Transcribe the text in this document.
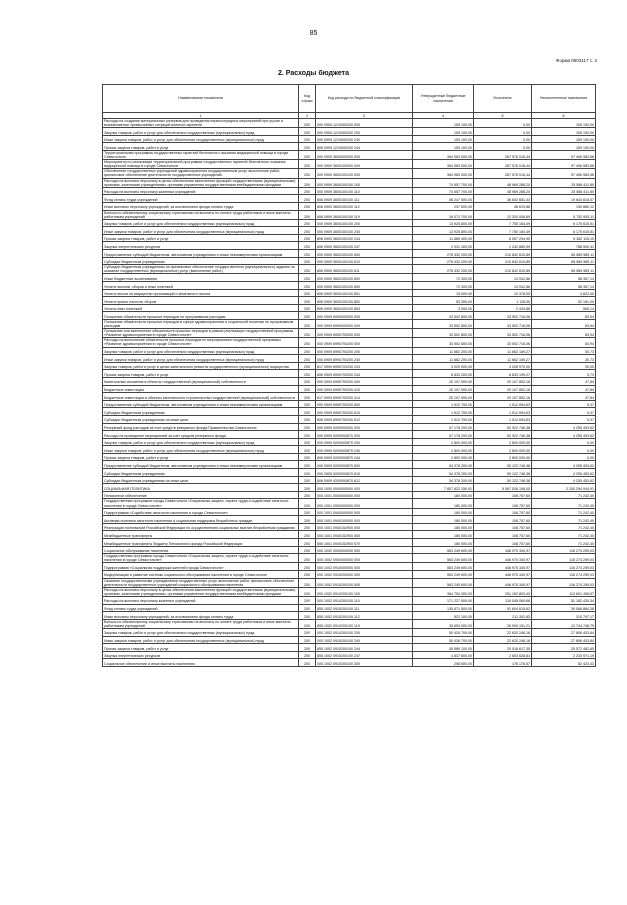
85
Форма 0503117 с. 2
2. Расходы бюджета
Наименование показателя	Код строки	Код расхода по бюджетной классификации	Утвержденные бюджетные назначения	Исполнено	Неисполненные назначения
1	2	3	4	5	6
Расходы на создание материальных резервов для проведения первоочередных мероприятий при угрозе и возникновении чрезвычайных ситуаций военного времени	200	000 0909 1210000200 000	159 100,00	0,00	159 100,00
Закупка товаров, работ и услуг для обеспечения государственных (муниципальных) нужд	200	000 0909 1210000200 200	159 100,00	0,00	159 100,00
Иные закупки товаров, работ и услуг для обеспечения государственных (муниципальных) нужд	200	000 0909 1210000200 240	159 100,00	0,00	159 100,00
Прочая закупка товаров, работ и услуг	200	806 0909 1210000200 244	159 100,00	0,00	159 100,00
Территориальная программа государственных гарантий бесплатного оказания медицинской помощи в городе Севастополе	200	000 0909 3600000000 000	364 983 000,00	267 576 016,44	97 406 983,56
Мероприятия по реализации территориальной программы государственных гарантий бесплатного оказания медицинской помощи в городе Севастополе	200	000 0909 3600100000 000	364 983 000,00	267 576 016,44	97 406 983,56
Обеспечение государственных учреждений здравоохранения государственным услуг, выполнение работ, финансовое обеспечение деятельности государственных учреждений	200	000 0909 3600100100 000	364 983 000,00	267 576 016,44	97 406 983,56
Расходы на выплаты персоналу в целях обеспечения выполнения функций государственными (муниципальными) органами, казенными учреждениями, органами управления государственными внебюджетными фондами	200	000 0909 3600100100 100	74 557 700,00	48 969 288,20	25 588 411,80
Расходы на выплаты персоналу казенных учреждений	200	000 0909 3600100100 110	74 557 700,00	48 969 288,20	25 588 411,80
Фонд оплаты труда учреждений	200	806 0909 3600100100 111	56 247 500,00	36 602 681,43	19 644 818,57
Иные выплаты персоналу учреждений, за исключением фонда оплаты труда	200	806 0909 3600100100 112	237 500,00	46 619,88	190 880,12
Взносы по обязательному социальному страхованию на выплаты по оплате труда работников и иные выплаты работникам учреждений	200	806 0909 3600100100 119	18 072 700,00	12 320 006,89	5 752 693,11
Закупка товаров, работ и услуг для обеспечения государственных (муниципальных) нужд	200	000 0909 3600100100 200	13 925 800,00	7 750 184,49	6 175 615,51
Иные закупки товаров, работ и услуг для обеспечения государственных (муниципальных) нужд	200	000 0909 3600100100 240	13 925 800,00	7 750 184,49	6 175 615,51
Прочая закупка товаров, работ и услуг	200	806 0909 3600100100 244	11 889 400,00	6 507 294,90	5 382 115,10
Закупка энергетических ресурсов	200	806 0909 3600100100 247	2 031 400,00	1 242 889,59	788 500,41
Предоставление субсидий бюджетным, автономным учреждениям и иным некоммерческим организациям	200	000 0909 3600100100 600	276 432 200,00	210 842 610,89	65 589 589,11
Субсидии бюджетным учреждениям	200	000 0909 3600100100 610	276 432 200,00	210 842 610,89	65 589 589,11
Субсидии бюджетным учреждениям на финансовое обеспечение государственного (муниципального) задания на оказание государственных (муниципальных) услуг (выполнение работ)	200	806 0909 3600100100 611	276 432 200,00	210 842 610,89	65 589 589,11
Иные бюджетные ассигнования	200	000 0909 3600100100 800	72 300,00	13 932,86	58 367,14
Уплата налогов, сборов и иных платежей	200	000 0909 3600100100 850	72 300,00	13 932,86	58 367,14
Уплата налога на имущество организаций и земельного налога	200	806 0909 3600100100 851	15 000,00	10 378,00	4 622,00
Уплата прочих налогов, сборов	200	806 0909 3600100100 852	53 300,00	1 118,00	52 181,00
Уплата иных платежей	200	806 0909 3600100100 853	3 000,00	2 434,86	565,14
Погашение обязательств прошлых периодов по программным расходам	200	000 0909 6900000000 000	33 502 800,00	33 502 716,06	83,94
Погашение обязательств прошлых периодов в сфере здравоохранения и социальной политики по программным расходам	200	000 0909 6990000000 000	33 502 800,00	33 502 716,06	83,94
Погашение или выполнение обязательств прошлых периодов в рамках реализации государственной программы «Развитие здравоохранения в городе Севастополе»	200	000 0909 6990700000 000	33 502 800,00	33 502 716,06	83,94
Расходы на выполнение обязательств прошлых периодов по мероприятиям государственной программы «Развитие здравоохранения в городе Севастополе»	200	000 0909 6990700200 000	33 502 800,00	33 502 716,06	83,94
Закупка товаров, работ и услуг для обеспечения государственных (муниципальных) нужд	200	000 0909 6990700200 200	11 662 200,00	11 662 169,27	30,73
Иные закупки товаров, работ и услуг для обеспечения государственных (муниципальных) нужд	200	000 0909 6990700200 240	11 662 200,00	11 662 169,27	30,73
Закупка товаров, работ и услуг в целях капитального ремонта государственного (муниципального) имущества	200	817 0909 6990700200 243	3 029 000,00	3 028 970,00	30,00
Прочая закупка товаров, работ и услуг	200	806 0909 6990700200 244	8 633 200,00	8 633 199,27	0,73
Капитальные вложения в объекты государственной (муниципальной) собственности	200	000 0909 6990700200 400	20 107 900,00	20 107 852,16	47,84
Бюджетные инвестиции	200	000 0909 6990700200 410	20 107 900,00	20 107 852,16	47,84
Бюджетные инвестиции в объекты капитального строительства государственной (муниципальной) собственности	200	817 0909 6990700200 414	20 107 900,00	20 107 852,16	47,84
Предоставление субсидий бюджетным, автономным учреждениям и иным некоммерческим организациям	200	000 0909 6990700200 600	1 512 700,00	1 512 694,63	5,37
Субсидии бюджетным учреждениям	200	000 0909 6990700200 610	1 512 700,00	1 512 694,63	5,37
Субсидии бюджетным учреждениям на иные цели	200	806 0909 6990700200 612	1 512 700,00	1 512 694,63	5,37
Резервный фонд расходов за счет средств резервного фонда Правительства Севастополя	200	000 0909 9200000000 000	57 178 200,00	52 922 746,38	4 255 453,62
Расходы на проведение мероприятий за счет средств резервного фонда	200	000 0909 9200000870 000	57 178 200,00	52 922 746,38	4 255 453,62
Закупка товаров, работ и услуг для обеспечения государственных (муниципальных) нужд	200	000 0909 9200000870 200	2 800 000,00	2 800 000,00	0,00
Иные закупки товаров, работ и услуг для обеспечения государственных (муниципальных) нужд	200	000 0909 9200000870 240	2 800 000,00	2 800 000,00	0,00
Прочая закупка товаров, работ и услуг	200	806 0909 9200000870 244	2 800 000,00	2 800 000,00	0,00
Предоставление субсидий бюджетным, автономным учреждениям и иным некоммерческим организациям	200	000 0909 9200000870 600	54 378 200,00	50 122 746,38	4 255 453,62
Субсидии бюджетным учреждениям	200	000 0909 9200000870 610	54 378 200,00	50 122 746,38	4 255 453,62
Субсидии бюджетным учреждениям на иные цели	200	806 0909 9200000870 612	54 378 200,00	50 122 746,38	4 255 453,62
СОЦИАЛЬНАЯ ПОЛИТИКА	200	000 1000 0000000000 000	7 807 822 150,91	5 557 528 106,00	2 250 294 044,91
Пенсионное обеспечение	200	000 1001 0000000000 000	180 000,00	108 757,60	71 242,40
Государственная программа города Севастополя «Социальная защита, охрана труда и содействие занятости населения в городе Севастополе»	200	000 1001 0900000000 000	180 000,00	108 757,60	71 242,40
Подпрограмма «Содействие занятости населения в городе Севастополе»	200	000 1001 0940000000 000	180 000,00	108 757,60	71 242,40
Активная политика занятости населения и социальная поддержка безработных граждан	200	000 1001 0940100000 000	180 000,00	108 757,60	71 242,40
Реализация полномочий Российской Федерации по осуществлению социальных выплат безработным гражданам	200	000 1001 0940152900 000	180 000,00	108 757,60	71 242,40
Межбюджетные трансферты	200	000 1001 0940152900 500	180 000,00	108 757,60	71 242,40
Межбюджетные трансферты бюджету Пенсионного фонда Российской Федерации	200	855 1001 0940152900 570	180 000,00	108 757,60	71 242,40
Социальное обслуживание населения	200	000 1002 0000000000 000	563 249 600,00	446 975 340,97	116 274 259,03
Государственная программа города Севастополя «Социальная защита, охрана труда и содействие занятости населения в городе Севастополе»	200	000 1002 0900000000 000	563 249 600,00	446 975 340,97	116 274 259,03
Подпрограмма «Социальная поддержка жителей города Севастополя»	200	000 1002 0910000000 000	563 249 600,00	446 975 340,97	116 274 259,03
Модернизация и развитие системы социального обслуживания населения в городе Севастополе	200	000 1002 0910200000 000	563 249 600,00	446 975 340,97	116 274 259,03
Оказание государственными учреждениями государственных услуг, выполнение работ, финансовое обеспечение деятельности государственных учреждений социального обслуживания населения	200	000 1002 0910200100 000	563 249 600,00	446 975 340,97	116 274 259,03
Расходы на выплаты персоналу в целях обеспечения выполнения функций государственными (муниципальными) органами, казенными учреждениями, органами управления государственными внебюджетными фондами	200	000 1002 0910200100 100	364 754 300,00	251 152 803,43	113 601 496,57
Расходы на выплаты персоналу казенных учреждений	200	000 1002 0910200100 110	171 227 500,00	119 045 069,66	52 182 430,34
Фонд оплаты труда учреждений	200	855 1002 0910200100 111	130 671 500,00	91 604 615,62	39 066 884,38
Иные выплаты персоналу учреждений, за исключением фонда оплаты труда	200	855 1002 0910200100 112	522 100,00	211 302,83	310 797,17
Взносы по обязательному социальному страхованию на выплаты по оплате труда работников и иные выплаты работникам учреждений	200	855 1002 0910200100 119	39 653 900,00	26 909 151,21	12 744 748,79
Закупка товаров, работ и услуг для обеспечения государственных (муниципальных) нужд	200	000 1002 0910200100 200	50 426 700,00	22 620 246,16	27 806 453,84
Иные закупки товаров, работ и услуг для обеспечения государственных (муниципальных) нужд	200	000 1002 0910200100 240	50 426 700,00	22 620 246,16	27 806 453,84
Прочая закупка товаров, работ и услуг	200	855 1002 0910200100 244	45 589 100,00	20 016 617,35	25 572 482,65
Закупка энергетических ресурсов	200	855 1002 0910200100 247	4 837 600,00	2 603 628,81	2 233 971,19
Социальное обеспечение и иные выплаты населению	200	000 1002 0910200100 300	258 600,00	176 176,57	82 423,43
